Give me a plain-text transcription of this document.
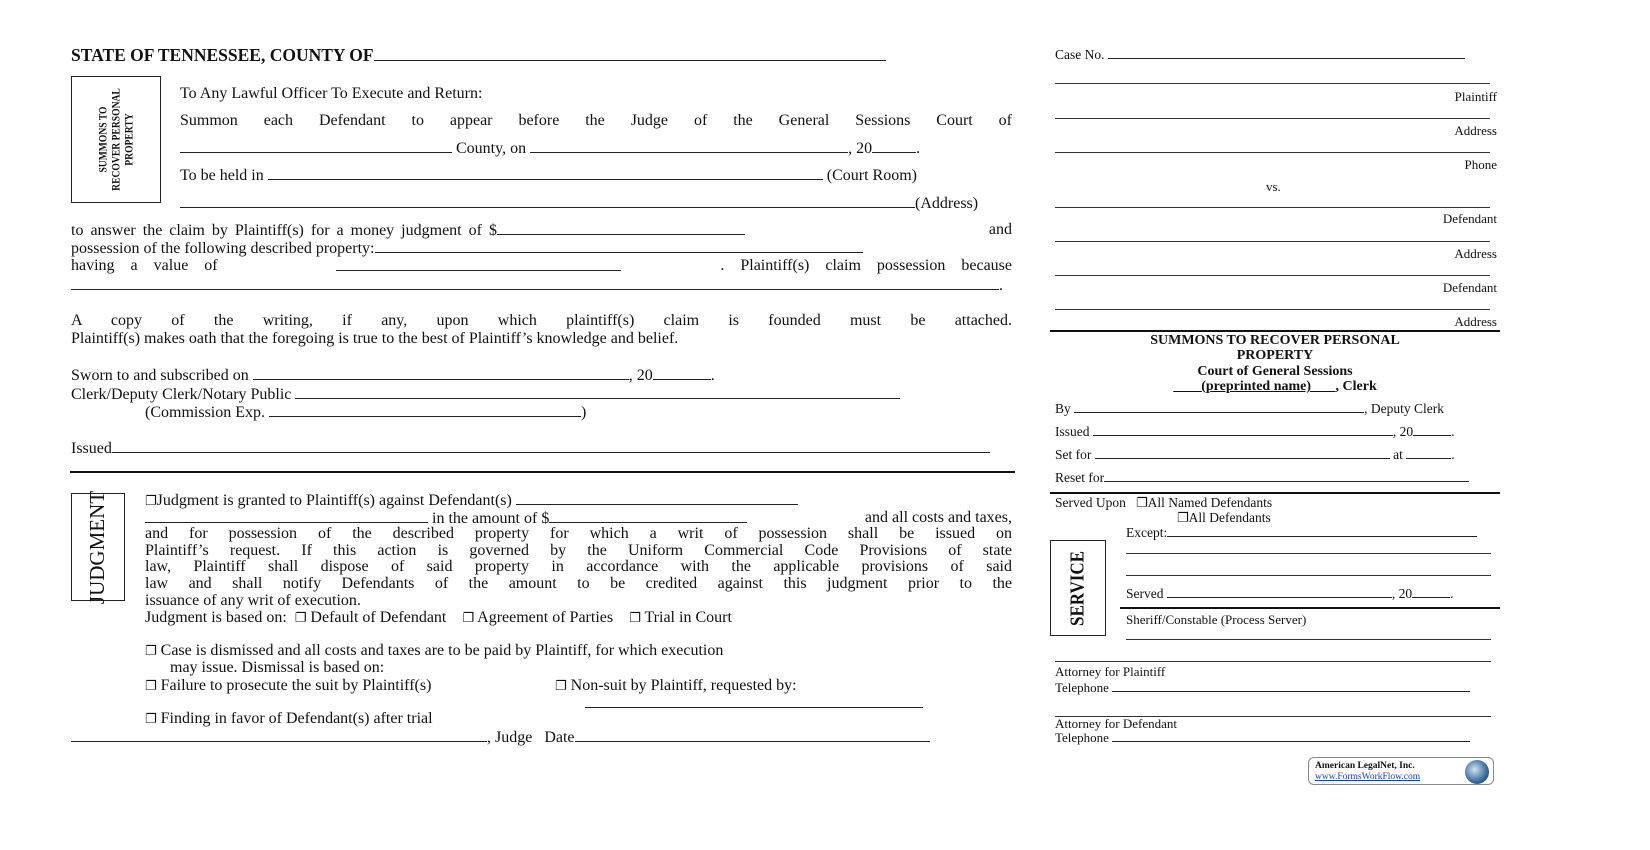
STATE OF TENNESSEE, COUNTY OF
SUMMONS TO RECOVER PERSONAL PROPERTY
To Any Lawful Officer To Execute and Return:
Summon each Defendant to appear before the Judge of the General Sessions Court of
County, on	, 20	.
To be held in	(Court Room)
(Address)
to answer the claim by Plaintiff(s) for a money judgment of $	and
possession of the following described property:
having a value of	. Plaintiff(s) claim possession because
.
A copy of the writing, if any, upon which plaintiff(s) claim is founded must be attached.
Plaintiff(s) makes oath that the foregoing is true to the best of Plaintiff’s knowledge and belief.
Sworn to and subscribed on	, 20	.
Clerk/Deputy Clerk/Notary Public
(Commission Exp.	)
Issued
JUDGMENT	❐Judgment is granted to Plaintiff(s) against Defendant(s)
in the amount of $	and all costs and taxes,
and for possession of the described property for which a writ of possession shall be issued on
Plaintiff’s request. If this action is governed by the Uniform Commercial Code Provisions of state
law, Plaintiff shall dispose of said property in accordance with the applicable provisions of said
law and shall notify Defendants of the amount to be credited against this judgment prior to the
issuance of any writ of execution.
Judgment is based on: ❐ Default of Defendant ❐ Agreement of Parties ❐ Trial in Court
❐ Case is dismissed and all costs and taxes are to be paid by Plaintiff, for which execution
may issue. Dismissal is based on:
❐ Failure to prosecute the suit by Plaintiff(s)	❐ Non-suit by Plaintiff, requested by:
❐ Finding in favor of Defendant(s) after trial
, Judge Date
Case No.
Plaintiff
Address
Phone
vs.
Defendant
Address
Defendant
Address
SUMMONS TO RECOVER PERSONAL
PROPERTY
Court of General Sessions
(preprinted name) , Clerk
By	, Deputy Clerk
Issued	, 20	.
Set for	at	.
Reset for
Served Upon ❐All Named Defendants
❐All Defendants
SERVICE
Except:
Served	, 20	.
Sheriff/Constable (Process Server)
Attorney for Plaintiff
Telephone
Attorney for Defendant
Telephone
American LegalNet, Inc.
www.FormsWorkFlow.com
